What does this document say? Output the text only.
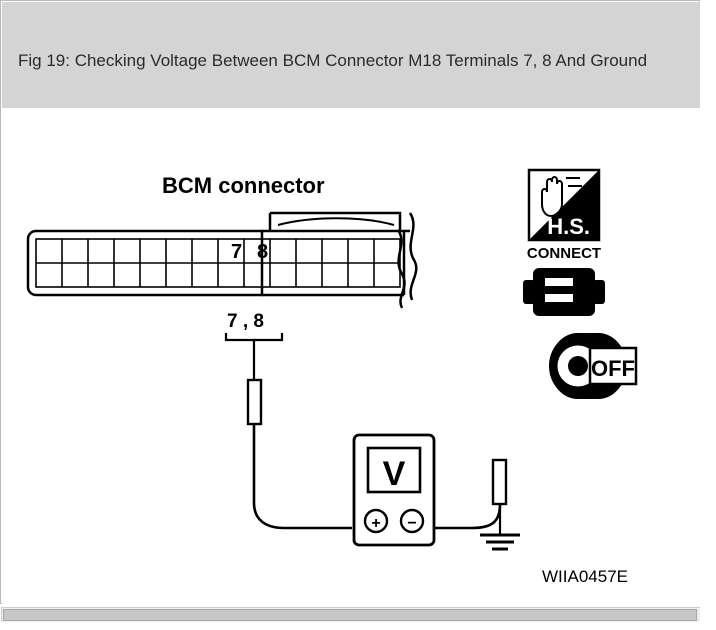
Fig 19: Checking Voltage Between BCM Connector M18 Terminals 7, 8 And Ground
BCM connector
7 8
7 , 8
V
+ −
H.S.
CONNECT
OFF
WIIA0457E
